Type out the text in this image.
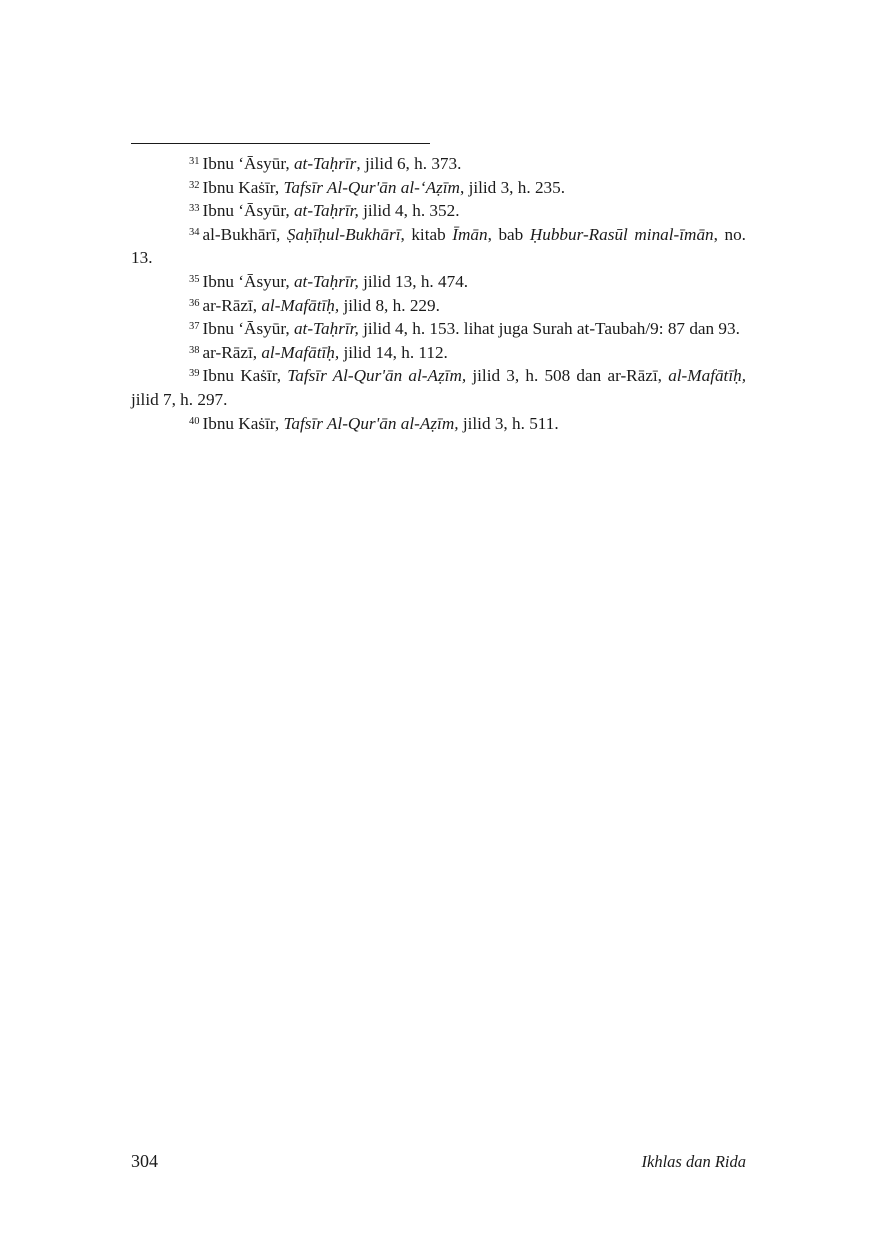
$^{31}$ Ibnu ‘Āsyūr, at-Taḥrīr, jilid 6, h. 373.

$^{32}$ Ibnu Kaṡīr, Tafsīr Al-Qur'ān al-‘Aẓīm, jilid 3, h. 235.

$^{33}$ Ibnu ‘Āsyūr, at-Taḥrīr, jilid 4, h. 352.

$^{34}$ al-Bukhārī, Ṣaḥīḥul-Bukhārī, kitab Īmān, bab Ḥubbur-Rasūl minal-īmān, no. 13.

$^{35}$ Ibnu ‘Āsyur, at-Taḥrīr, jilid 13, h. 474.

$^{36}$ ar-Rāzī, al-Mafātīḥ, jilid 8, h. 229.

$^{37}$ Ibnu ‘Āsyūr, at-Taḥrīr, jilid 4, h. 153. lihat juga Surah at-Taubah/9: 87 dan 93.

$^{38}$ ar-Rāzī, al-Mafātīḥ, jilid 14, h. 112.

$^{39}$ Ibnu Kaṡīr, Tafsīr Al-Qur'ān al-Aẓīm, jilid 3, h. 508 dan ar-Rāzī, al-Mafātīḥ, jilid 7, h. 297.

$^{40}$ Ibnu Kaṡīr, Tafsīr Al-Qur'ān al-Aẓīm, jilid 3, h. 511.

304	Ikhlas dan Rida
